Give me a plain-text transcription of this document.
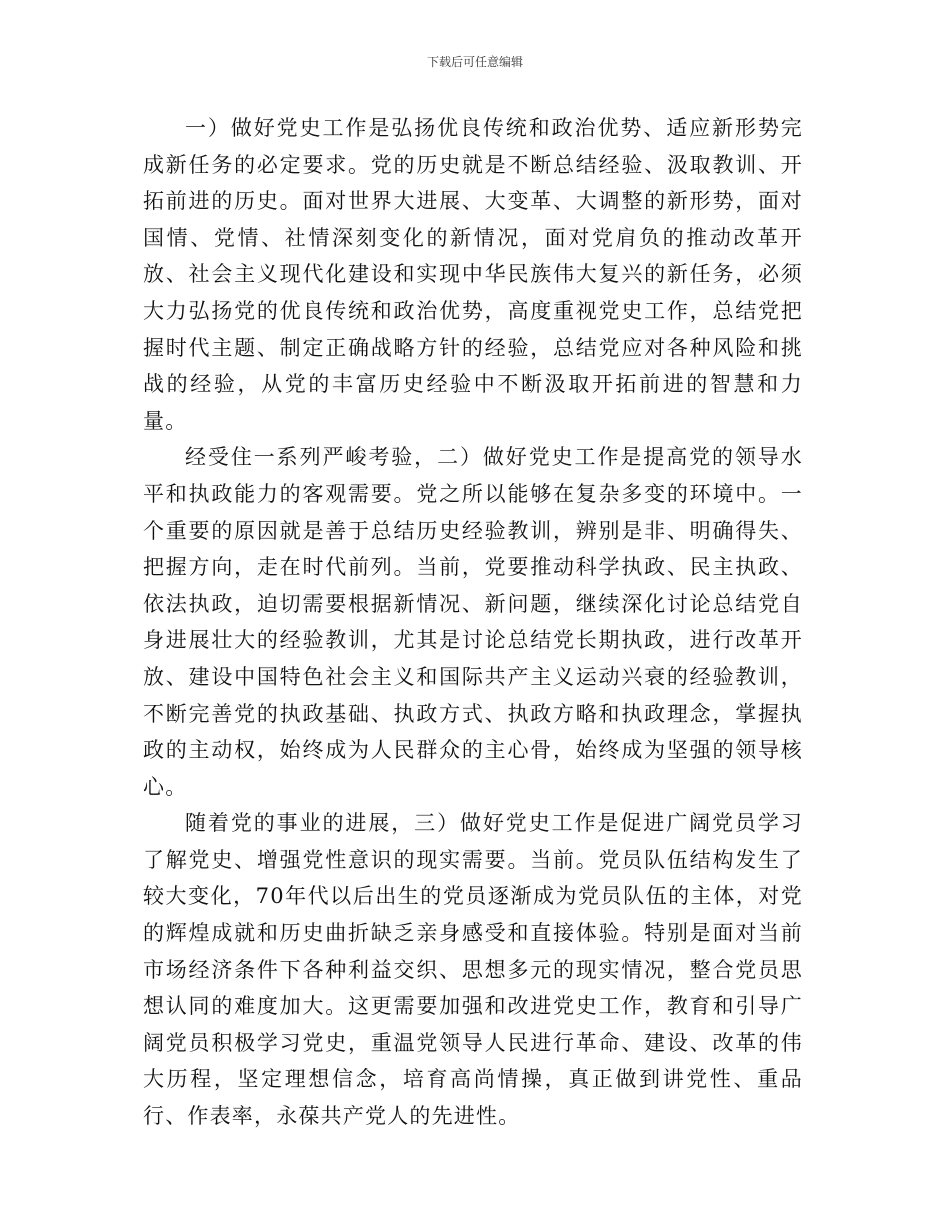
下载后可任意编辑

一）做好党史工作是弘扬优良传统和政治优势、适应新形势完成新任务的必定要求。党的历史就是不断总结经验、汲取教训、开拓前进的历史。面对世界大进展、大变革、大调整的新形势，面对国情、党情、社情深刻变化的新情况，面对党肩负的推动改革开放、社会主义现代化建设和实现中华民族伟大复兴的新任务，必须大力弘扬党的优良传统和政治优势，高度重视党史工作，总结党把握时代主题、制定正确战略方针的经验，总结党应对各种风险和挑战的经验，从党的丰富历史经验中不断汲取开拓前进的智慧和力量。

经受住一系列严峻考验，二）做好党史工作是提高党的领导水平和执政能力的客观需要。党之所以能够在复杂多变的环境中。一个重要的原因就是善于总结历史经验教训，辨别是非、明确得失、把握方向，走在时代前列。当前，党要推动科学执政、民主执政、依法执政，迫切需要根据新情况、新问题，继续深化讨论总结党自身进展壮大的经验教训，尤其是讨论总结党长期执政，进行改革开放、建设中国特色社会主义和国际共产主义运动兴衰的经验教训，不断完善党的执政基础、执政方式、执政方略和执政理念，掌握执政的主动权，始终成为人民群众的主心骨，始终成为坚强的领导核心。

随着党的事业的进展，三）做好党史工作是促进广阔党员学习了解党史、增强党性意识的现实需要。当前。党员队伍结构发生了较大变化，70年代以后出生的党员逐渐成为党员队伍的主体，对党的辉煌成就和历史曲折缺乏亲身感受和直接体验。特别是面对当前市场经济条件下各种利益交织、思想多元的现实情况，整合党员思想认同的难度加大。这更需要加强和改进党史工作，教育和引导广阔党员积极学习党史，重温党领导人民进行革命、建设、改革的伟大历程，坚定理想信念，培育高尚情操，真正做到讲党性、重品行、作表率，永葆共产党人的先进性。
